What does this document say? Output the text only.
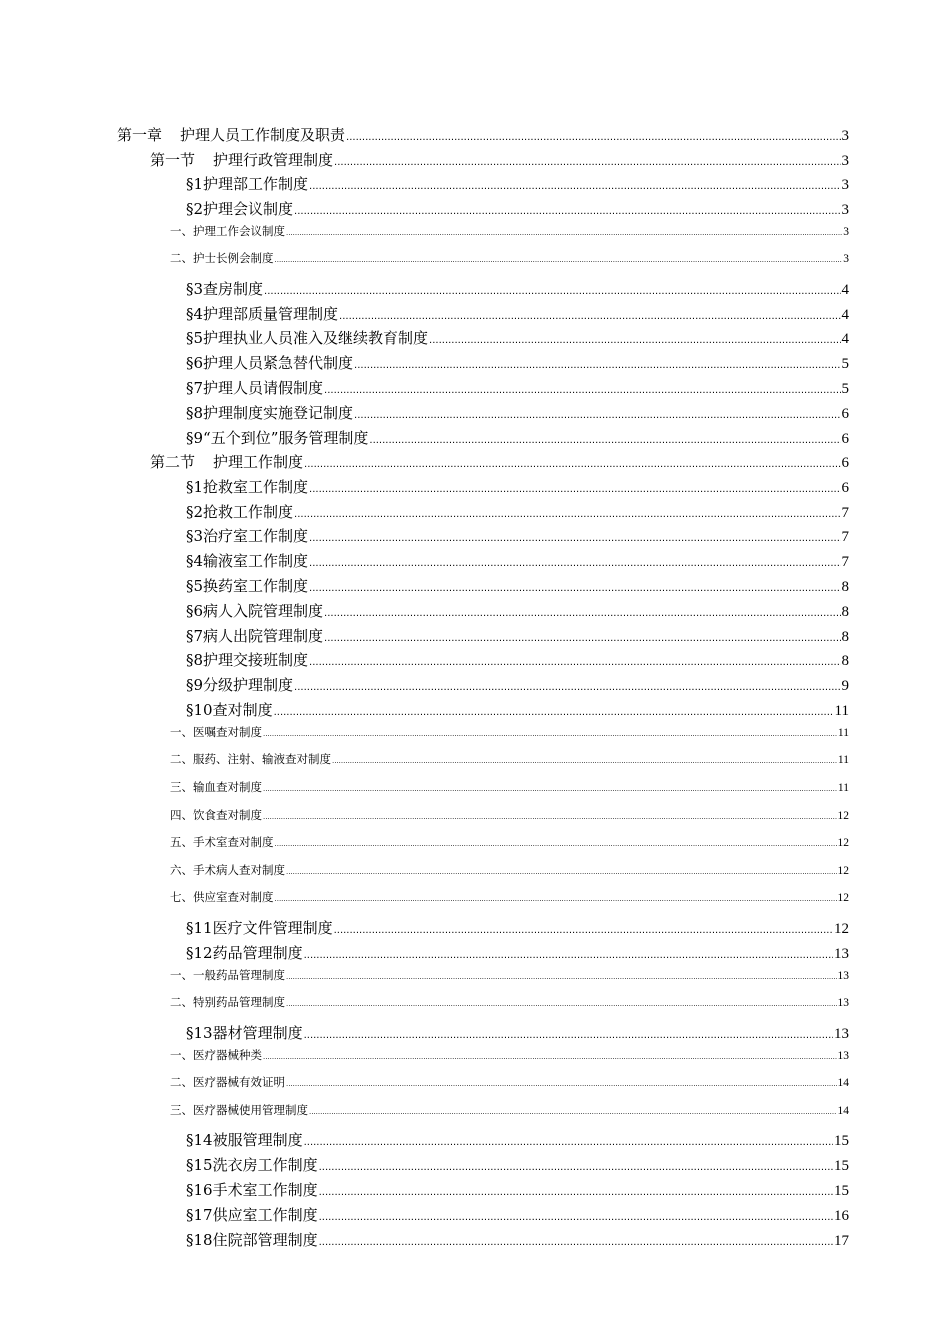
第一章 护理人员工作制度及职责 .....	3
第一节 护理行政管理制度 .....	3
§1护理部工作制度 .....	3
§2护理会议制度 .....	3
一、护理工作会议制度 .....	3
二、护士长例会制度 .....	3
§3查房制度 .....	4
§4护理部质量管理制度 .....	4
§5护理执业人员准入及继续教育制度 .....	4
§6护理人员紧急替代制度 .....	5
§7护理人员请假制度 .....	5
§8护理制度实施登记制度 .....	6
§9“五个到位”服务管理制度 .....	6
第二节 护理工作制度 .....	6
§1抢救室工作制度 .....	6
§2抢救工作制度 .....	7
§3治疗室工作制度 .....	7
§4输液室工作制度 .....	7
§5换药室工作制度 .....	8
§6病人入院管理制度 .....	8
§7病人出院管理制度 .....	8
§8护理交接班制度 .....	8
§9分级护理制度 .....	9
§10查对制度 .....	11
一、医嘱查对制度 .....	11
二、服药、注射、输液查对制度 .....	11
三、输血查对制度 .....	11
四、饮食查对制度 .....	12
五、手术室查对制度 .....	12
六、手术病人查对制度 .....	12
七、供应室查对制度 .....	12
§11医疗文件管理制度 .....	12
§12药品管理制度 .....	13
一、一般药品管理制度 .....	13
二、特别药品管理制度 .....	13
§13器材管理制度 .....	13
一、医疗器械种类 .....	13
二、医疗器械有效证明 .....	14
三、医疗器械使用管理制度 .....	14
§14被服管理制度 .....	15
§15洗衣房工作制度 .....	15
§16手术室工作制度 .....	15
§17供应室工作制度 .....	16
§18住院部管理制度 .....	17
